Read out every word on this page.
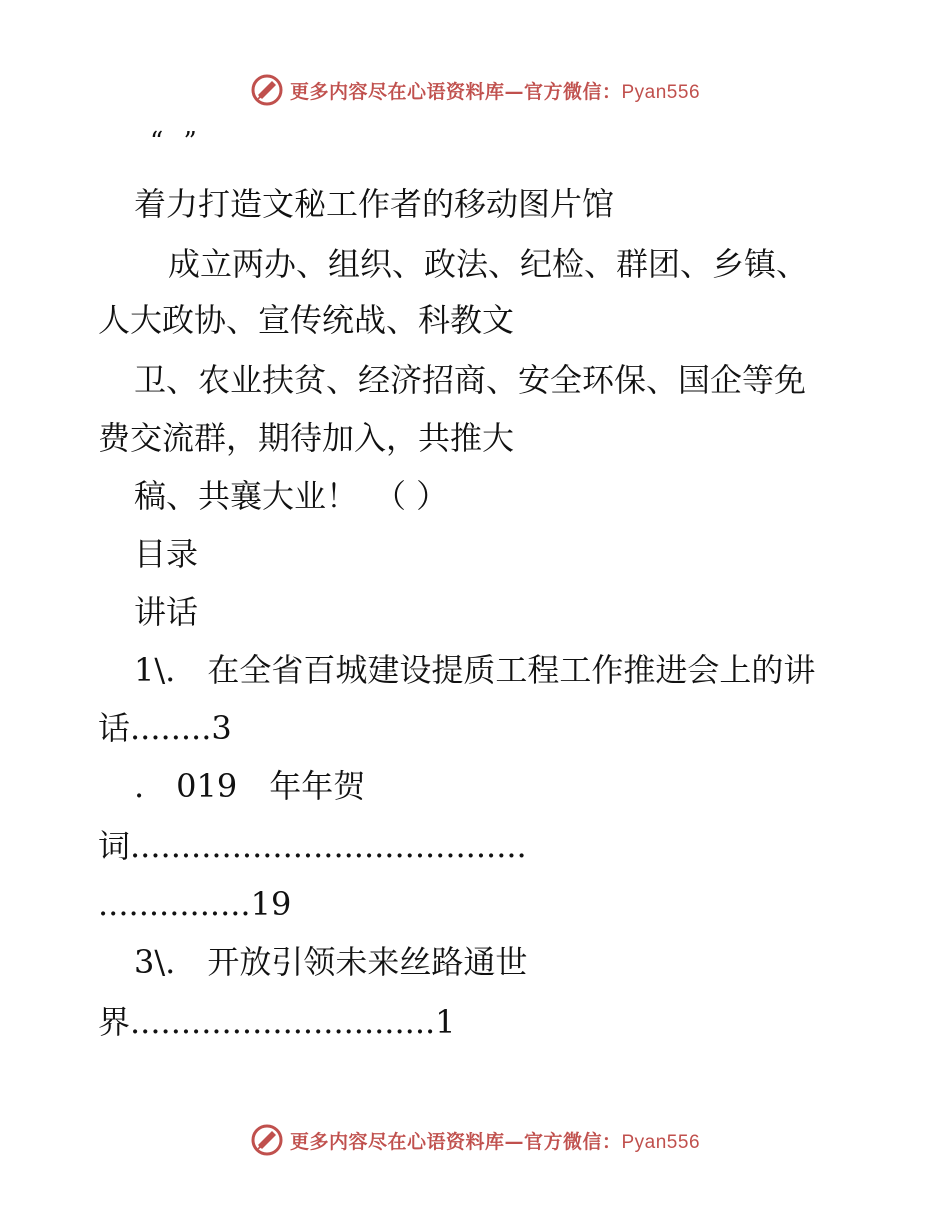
更多内容尽在心语资料库—官方微信：Pyan556
“ ”
着力打造文秘工作者的移动图片馆
成立两办、组织、政法、纪检、群团、乡镇、
人大政协、宣传统战、科教文
卫、农业扶贫、经济招商、安全环保、国企等免
费交流群，期待加入，共推大
稿、共襄大业！　（ ）
目录
讲话
1\.　在全省百城建设提质工程工作推进会上的讲
话........3
.　019　年年贺
词.......................................
...............19
3\.　开放引领未来丝路通世
界..............................1
更多内容尽在心语资料库—官方微信：Pyan556
